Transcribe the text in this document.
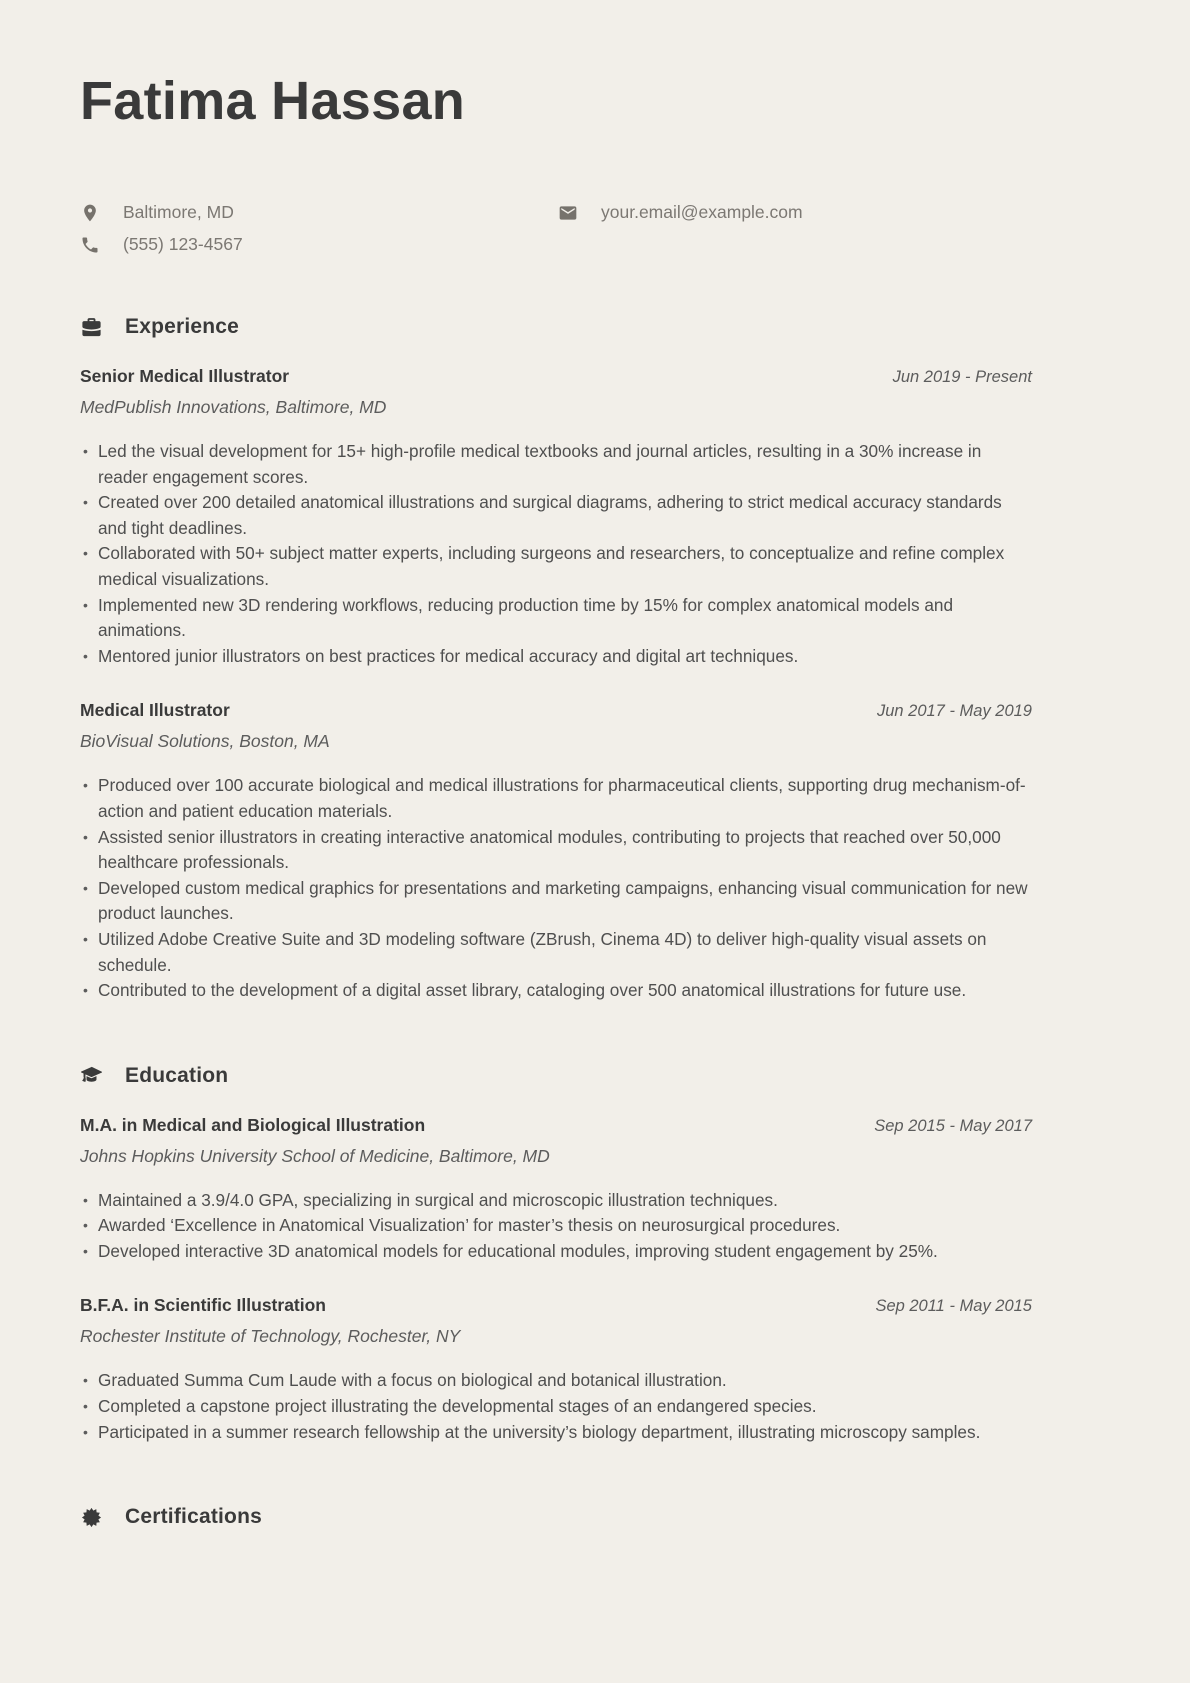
Fatima Hassan
Baltimore, MD	your.email@example.com
(555) 123-4567
Experience
Senior Medical Illustrator	Jun 2019 - Present
MedPublish Innovations, Baltimore, MD
• Led the visual development for 15+ high-profile medical textbooks and journal articles, resulting in a 30% increase in reader engagement scores.
• Created over 200 detailed anatomical illustrations and surgical diagrams, adhering to strict medical accuracy standards and tight deadlines.
• Collaborated with 50+ subject matter experts, including surgeons and researchers, to conceptualize and refine complex medical visualizations.
• Implemented new 3D rendering workflows, reducing production time by 15% for complex anatomical models and animations.
• Mentored junior illustrators on best practices for medical accuracy and digital art techniques.
Medical Illustrator	Jun 2017 - May 2019
BioVisual Solutions, Boston, MA
• Produced over 100 accurate biological and medical illustrations for pharmaceutical clients, supporting drug mechanism-of-action and patient education materials.
• Assisted senior illustrators in creating interactive anatomical modules, contributing to projects that reached over 50,000 healthcare professionals.
• Developed custom medical graphics for presentations and marketing campaigns, enhancing visual communication for new product launches.
• Utilized Adobe Creative Suite and 3D modeling software (ZBrush, Cinema 4D) to deliver high-quality visual assets on schedule.
• Contributed to the development of a digital asset library, cataloging over 500 anatomical illustrations for future use.
Education
M.A. in Medical and Biological Illustration	Sep 2015 - May 2017
Johns Hopkins University School of Medicine, Baltimore, MD
• Maintained a 3.9/4.0 GPA, specializing in surgical and microscopic illustration techniques.
• Awarded ‘Excellence in Anatomical Visualization’ for master’s thesis on neurosurgical procedures.
• Developed interactive 3D anatomical models for educational modules, improving student engagement by 25%.
B.F.A. in Scientific Illustration	Sep 2011 - May 2015
Rochester Institute of Technology, Rochester, NY
• Graduated Summa Cum Laude with a focus on biological and botanical illustration.
• Completed a capstone project illustrating the developmental stages of an endangered species.
• Participated in a summer research fellowship at the university’s biology department, illustrating microscopy samples.
Certifications
